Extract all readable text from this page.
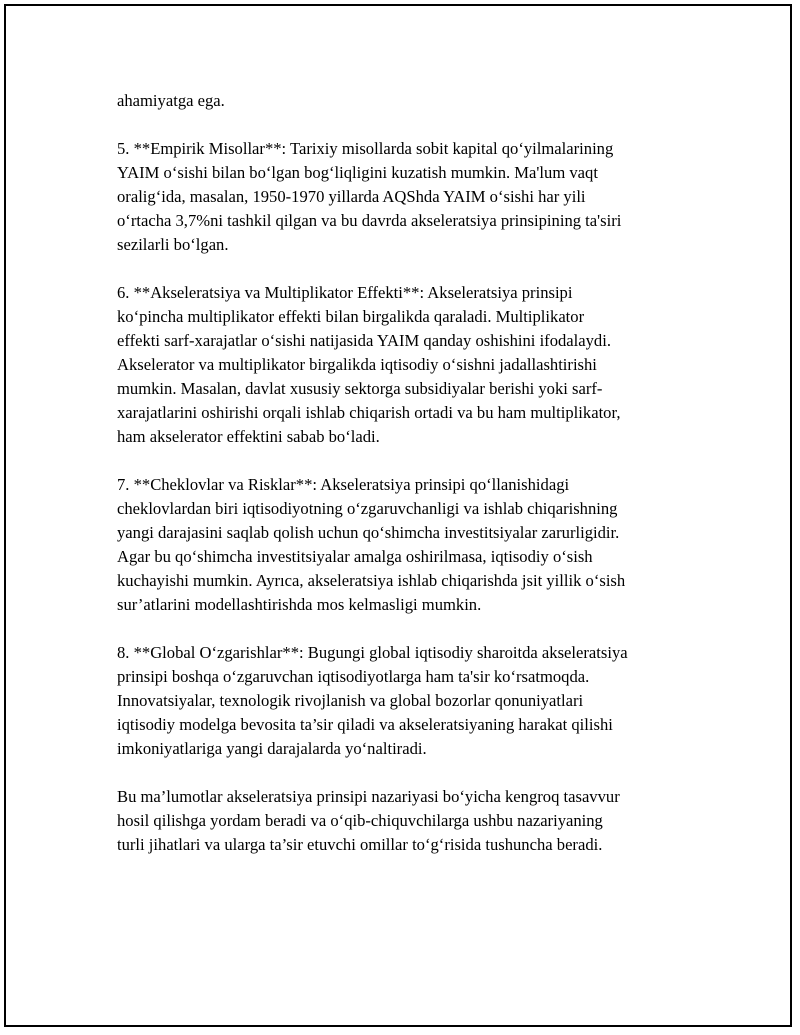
ahamiyatga ega.

5. **Empirik Misollar**: Tarixiy misollarda sobit kapital qo‘yilmalarining
YAIM o‘sishi bilan bo‘lgan bog‘liqligini kuzatish mumkin. Ma'lum vaqt
oralig‘ida, masalan, 1950-1970 yillarda AQShda YAIM o‘sishi har yili
o‘rtacha 3,7%ni tashkil qilgan va bu davrda akseleratsiya prinsipining ta'siri
sezilarli bo‘lgan.

6. **Akseleratsiya va Multiplikator Effekti**: Akseleratsiya prinsipi
ko‘pincha multiplikator effekti bilan birgalikda qaraladi. Multiplikator
effekti sarf-xarajatlar o‘sishi natijasida YAIM qanday oshishini ifodalaydi.
Akselerator va multiplikator birgalikda iqtisodiy o‘sishni jadallashtirishi
mumkin. Masalan, davlat xususiy sektorga subsidiyalar berishi yoki sarf-
xarajatlarini oshirishi orqali ishlab chiqarish ortadi va bu ham multiplikator,
ham akselerator effektini sabab bo‘ladi.

7. **Cheklovlar va Risklar**: Akseleratsiya prinsipi qo‘llanishidagi
cheklovlardan biri iqtisodiyotning o‘zgaruvchanligi va ishlab chiqarishning
yangi darajasini saqlab qolish uchun qo‘shimcha investitsiyalar zarurligidir.
Agar bu qo‘shimcha investitsiyalar amalga oshirilmasa, iqtisodiy o‘sish
kuchayishi mumkin. Ayrıca, akseleratsiya ishlab chiqarishda jsit yillik o‘sish
sur’atlarini modellashtirishda mos kelmasligi mumkin.

8. **Global O‘zgarishlar**: Bugungi global iqtisodiy sharoitda akseleratsiya
prinsipi boshqa o‘zgaruvchan iqtisodiyotlarga ham ta'sir ko‘rsatmoqda.
Innovatsiyalar, texnologik rivojlanish va global bozorlar qonuniyatlari
iqtisodiy modelga bevosita ta’sir qiladi va akseleratsiyaning harakat qilishi
imkoniyatlariga yangi darajalarda yo‘naltiradi.

Bu ma’lumotlar akseleratsiya prinsipi nazariyasi bo‘yicha kengroq tasavvur
hosil qilishga yordam beradi va o‘qib-chiquvchilarga ushbu nazariyaning
turli jihatlari va ularga ta’sir etuvchi omillar to‘g‘risida tushuncha beradi.
